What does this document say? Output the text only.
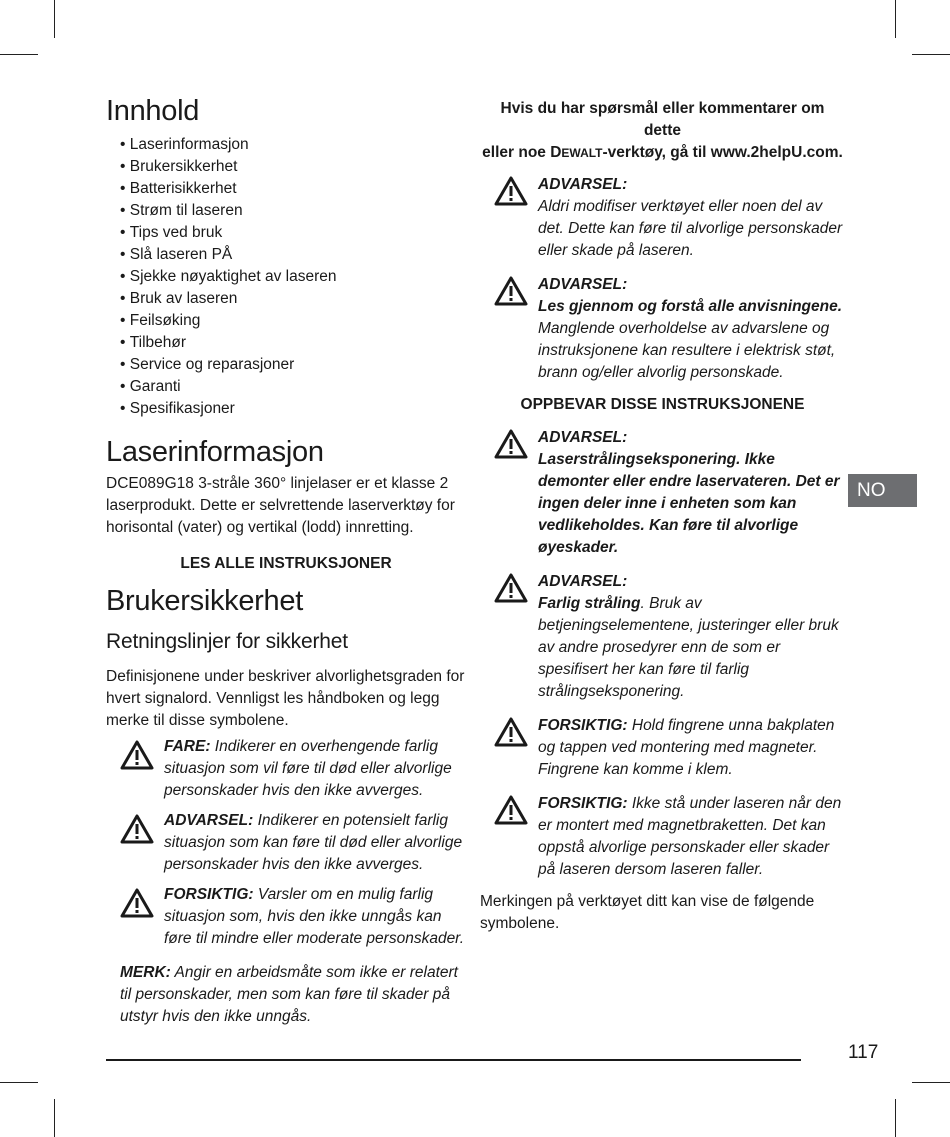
Innhold
• Laserinformasjon
• Brukersikkerhet
• Batterisikkerhet
• Strøm til laseren
• Tips ved bruk
• Slå laseren PÅ
• Sjekke nøyaktighet av laseren
• Bruk av laseren
• Feilsøking
• Tilbehør
• Service og reparasjoner
• Garanti
• Spesifikasjoner
Laserinformasjon

DCE089G18 3-stråle 360° linjelaser er et klasse 2 laserprodukt. Dette er selvrettende laserverktøy for horisontal (vater) og vertikal (lodd) innretting.

LES ALLE INSTRUKSJONER

Brukersikkerhet
Retningslinjer for sikkerhet

Definisjonene under beskriver alvorlighetsgraden for hvert signalord. Vennligst les håndboken og legg merke til disse symbolene.

FARE: Indikerer en overhengende farlig situasjon som vil føre til død eller alvorlige personskader hvis den ikke avverges.
ADVARSEL: Indikerer en potensielt farlig situasjon som kan føre til død eller alvorlige personskader hvis den ikke avverges.
FORSIKTIG: Varsler om en mulig farlig situasjon som, hvis den ikke unngås kan føre til mindre eller moderate personskader.

MERK: Angir en arbeidsmåte som ikke er relatert til personskader, men som kan føre til skader på utstyr hvis den ikke unngås.

Hvis du har spørsmål eller kommentarer om dette
eller noe DEWALT-verktøy, gå til www.2helpU.com.

ADVARSEL:
Aldri modifiser verktøyet eller noen del av det. Dette kan føre til alvorlige personskader eller skade på laseren.
ADVARSEL:
Les gjennom og forstå alle anvisningene. Manglende overholdelse av advarslene og instruksjonene kan resultere i elektrisk støt, brann og/eller alvorlig personskade.

OPPBEVAR DISSE INSTRUKSJONENE

ADVARSEL:
Laserstrålingseksponering. Ikke demonter eller endre laservateren. Det er ingen deler inne i enheten som kan vedlikeholdes. Kan føre til alvorlige øyeskader.
ADVARSEL:
Farlig stråling. Bruk av betjeningselementene, justeringer eller bruk av andre prosedyrer enn de som er spesifisert her kan føre til farlig strålingseksponering.
FORSIKTIG: Hold fingrene unna bakplaten og tappen ved montering med magneter. Fingrene kan komme i klem.
FORSIKTIG: Ikke stå under laseren når den er montert med magnetbraketten. Det kan oppstå alvorlige personskader eller skader på laseren dersom laseren faller.

Merkingen på verktøyet ditt kan vise de følgende symbolene.

NO
117
